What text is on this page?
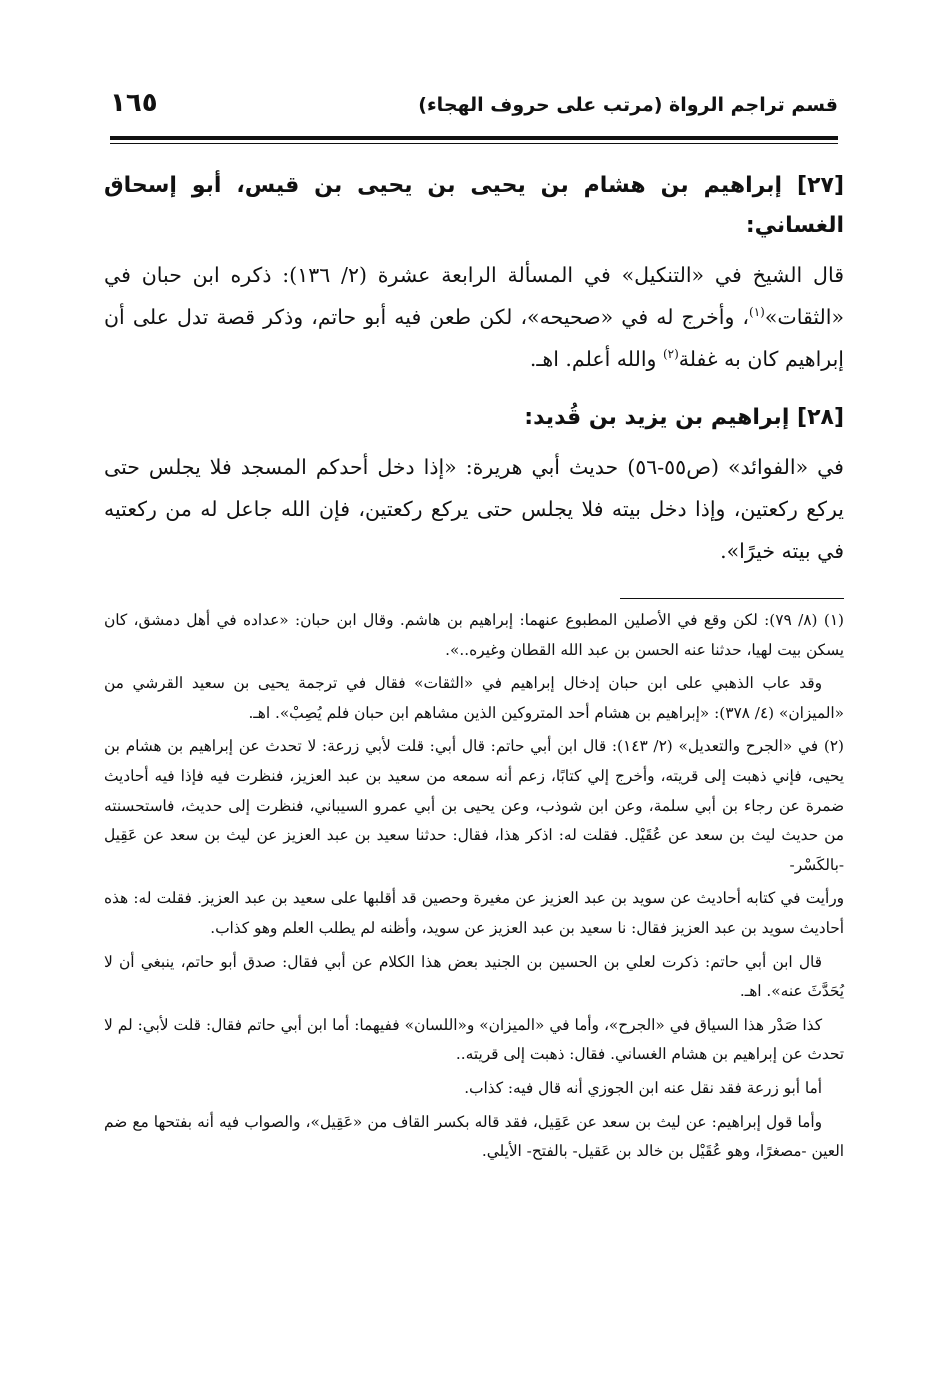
قسم تراجم الرواة (مرتب على حروف الهجاء)
١٦٥
[٢٧] إبراهيم بن هشام بن يحيى بن يحيى بن قيس، أبو إسحاق الغساني:

قال الشيخ في «التنكيل» في المسألة الرابعة عشرة (٢/ ١٣٦): ذكره ابن حبان في «الثقات»$^{(١)}$، وأخرج له في «صحيحه»، لكن طعن فيه أبو حاتم، وذكر قصة تدل على أن إبراهيم كان به غفلة$^{(٢)}$ والله أعلم. اهـ.

[٢٨] إبراهيم بن يزيد بن قُديد:

في «الفوائد» (ص٥٥-٥٦) حديث أبي هريرة: «إذا دخل أحدكم المسجد فلا يجلس حتى يركع ركعتين، وإذا دخل بيته فلا يجلس حتى يركع ركعتين، فإن الله جاعل له من ركعتيه في بيته خيرًا».

(١) (٨/ ٧٩): لكن وقع في الأصلين المطبوع عنهما: إبراهيم بن هاشم. وقال ابن حبان: «عداده في أهل دمشق، كان يسكن بيت لهيا، حدثنا عنه الحسن بن عبد الله القطان وغيره..».

وقد عاب الذهبي على ابن حبان إدخال إبراهيم في «الثقات» فقال في ترجمة يحيى بن سعيد القرشي من «الميزان» (٤/ ٣٧٨): «إبراهيم بن هشام أحد المتروكين الذين مشاهم ابن حبان فلم يُصِبْ». اهـ.

(٢) في «الجرح والتعديل» (٢/ ١٤٣): قال ابن أبي حاتم: قال أبي: قلت لأبي زرعة: لا تحدث عن إبراهيم بن هشام بن يحيى، فإني ذهبت إلى قريته، وأخرج إلي كتابًا، زعم أنه سمعه من سعيد بن عبد العزيز، فنظرت فيه فإذا فيه أحاديث ضمرة عن رجاء بن أبي سلمة، وعن ابن شوذب، وعن يحيى بن أبي عمرو السيباني، فنظرت إلى حديث، فاستحسنته من حديث ليث بن سعد عن عُقَيْل. فقلت له: اذكر هذا، فقال: حدثنا سعيد بن عبد العزيز عن ليث بن سعد عن عَقِيل -بالكَسْر-

ورأيت في كتابه أحاديث عن سويد بن عبد العزيز عن مغيرة وحصين قد أقلبها على سعيد بن عبد العزيز. فقلت له: هذه أحاديث سويد بن عبد العزيز فقال: نا سعيد بن عبد العزيز عن سويد، وأظنه لم يطلب العلم وهو كذاب.

قال ابن أبي حاتم: ذكرت لعلي بن الحسين بن الجنيد بعض هذا الكلام عن أبي فقال: صدق أبو حاتم، ينبغي أن لا يُحَدَّثَ عنه». اهـ.

كذا صَدْر هذا السياق في «الجرح»، وأما في «الميزان» و«اللسان» ففيهما: أما ابن أبي حاتم فقال: قلت لأبي: لم لا تحدث عن إبراهيم بن هشام الغساني. فقال: ذهبت إلى قريته..

أما أبو زرعة فقد نقل عنه ابن الجوزي أنه قال فيه: كذاب.

وأما قول إبراهيم: عن ليث بن سعد عن عَقِيل، فقد قاله بكسر القاف من «عَقِيل»، والصواب فيه أنه بفتحها مع ضم العين -مصغرًا، وهو عُقَيْل بن خالد بن عَقيل- بالفتح- الأيلي.
